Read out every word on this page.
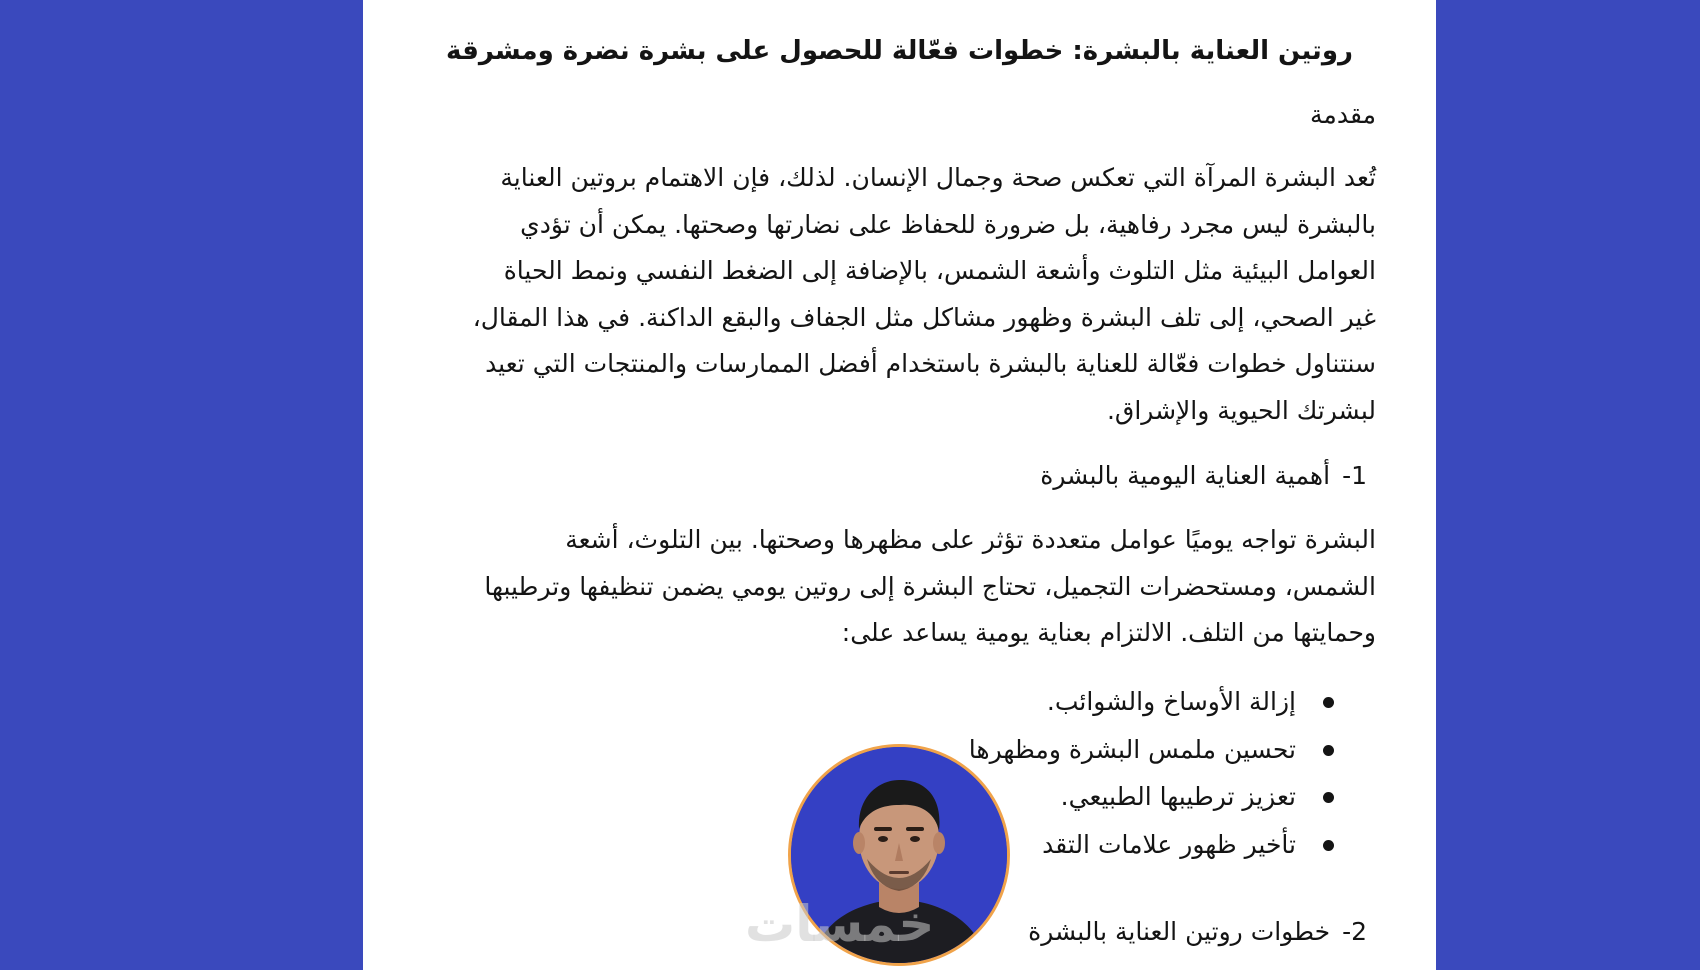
روتين العناية بالبشرة: خطوات فعّالة للحصول على بشرة نضرة ومشرقة
مقدمة

تُعد البشرة المرآة التي تعكس صحة وجمال الإنسان. لذلك، فإن الاهتمام بروتين العناية
بالبشرة ليس مجرد رفاهية، بل ضرورة للحفاظ على نضارتها وصحتها. يمكن أن تؤدي
العوامل البيئية مثل التلوث وأشعة الشمس، بالإضافة إلى الضغط النفسي ونمط الحياة
غير الصحي، إلى تلف البشرة وظهور مشاكل مثل الجفاف والبقع الداكنة. في هذا المقال،
سنتناول خطوات فعّالة للعناية بالبشرة باستخدام أفضل الممارسات والمنتجات التي تعيد
لبشرتك الحيوية والإشراق.

1-أهمية العناية اليومية بالبشرة

البشرة تواجه يوميًا عوامل متعددة تؤثر على مظهرها وصحتها. بين التلوث، أشعة
الشمس، ومستحضرات التجميل، تحتاج البشرة إلى روتين يومي يضمن تنظيفها وترطيبها
وحمايتها من التلف. الالتزام بعناية يومية يساعد على:

إزالة الأوساخ والشوائب.
تحسين ملمس البشرة ومظهرها
تعزيز ترطيبها الطبيعي.
تأخير ظهور علامات التقد
2-خطوات روتين العناية بالبشرة
خمسات
